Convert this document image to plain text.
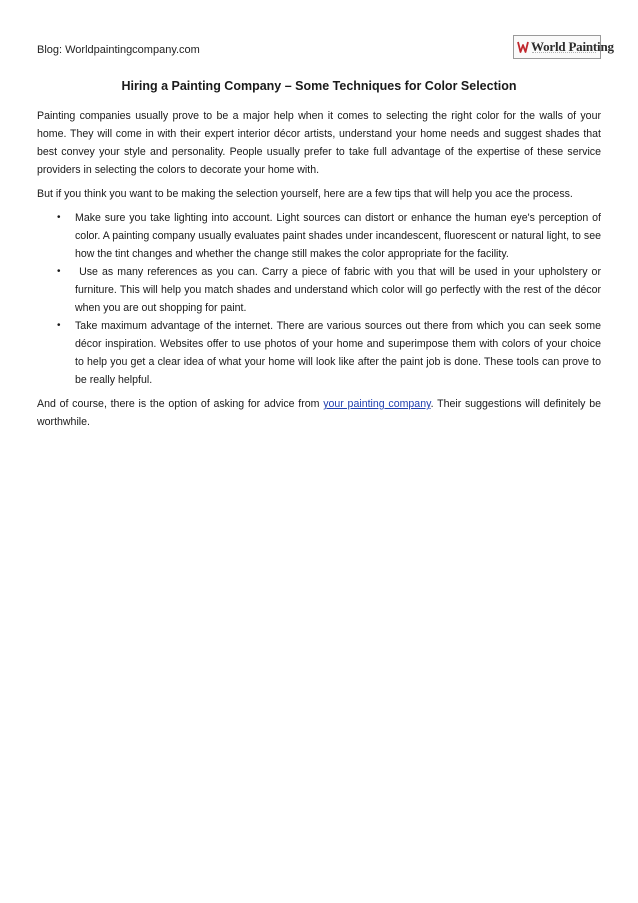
Blog: Worldpaintingcompany.com	World Painting
Hiring a Painting Company – Some Techniques for Color Selection

Painting companies usually prove to be a major help when it comes to selecting the right color for the walls of your home. They will come in with their expert interior décor artists, understand your home needs and suggest shades that best convey your style and personality. People usually prefer to take full advantage of the expertise of these service providers in selecting the colors to decorate your home with.

But if you think you want to be making the selection yourself, here are a few tips that will help you ace the process.

• Make sure you take lighting into account. Light sources can distort or enhance the human eye's perception of color. A painting company usually evaluates paint shades under incandescent, fluorescent or natural light, to see how the tint changes and whether the change still makes the color appropriate for the facility.
• Use as many references as you can. Carry a piece of fabric with you that will be used in your upholstery or furniture. This will help you match shades and understand which color will go perfectly with the rest of the décor when you are out shopping for paint.
• Take maximum advantage of the internet. There are various sources out there from which you can seek some décor inspiration. Websites offer to use photos of your home and superimpose them with colors of your choice to help you get a clear idea of what your home will look like after the paint job is done. These tools can prove to be really helpful.

And of course, there is the option of asking for advice from your painting company. Their suggestions will definitely be worthwhile.
